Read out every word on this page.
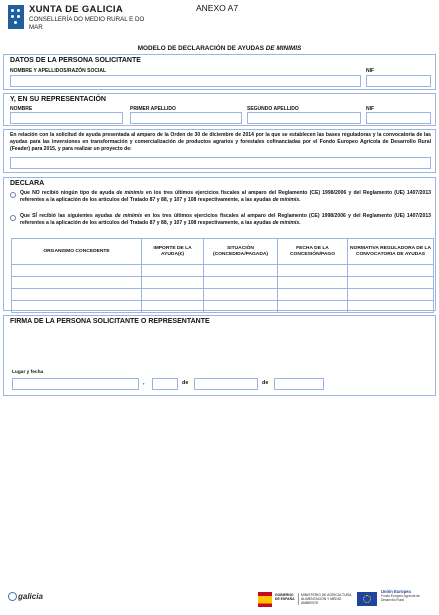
XUNTA DE GALICIA
CONSELLERÍA DO MEDIO RURAL E DO MAR
ANEXO A7
MODELO DE DECLARACIÓN DE AYUDAS DE MINIMIS
DATOS DE LA PERSONA SOLICITANTE
NOMBRE Y APELLIDOS/RAZÓN SOCIAL	NIF
Y, EN SU REPRESENTACIÓN
NOMBRE	PRIMER APELLIDO	SEGUNDO APELLIDO	NIF
En relación con la solicitud de ayuda presentada al amparo de la Orden de 30 de diciembre de 2014 por la que se establecen las bases reguladoras y la convocatoria de las ayudas para las inversiones en transformación y comercialización de productos agrarios y forestales cofinanciadas por el Fondo Europeo Agrícola de Desarrollo Rural (Feader) para 2015, y para realizar un proyecto de:
DECLARA
Que NO recibió ningún tipo de ayuda de minimis en los tres últimos ejercicios fiscales al amparo del Reglamento (CE) 1998/2006 y del Reglamento (UE) 1407/2013 referentes a la aplicación de los artículos del Tratado 87 y 88, y 107 y 108 respectivamente, a las ayudas de mínimis.
Que SÍ recibió las siguientes ayudas de minimis en los tres últimos ejercicios fiscales al amparo del Reglamento (CE) 1998/2006 y del Reglamento (UE) 1407/2013 referentes a la aplicación de los artículos del Tratado 87 y 88, y 107 y 108 respectivamente, a las ayudas de mínimis.
ORGANISMO CONCEDENTE	IMPORTE DE LA AYUDA(€)	SITUACIÓN (CONCEDIDA/PAGADA)	FECHA DE LA CONCESIÓN/PAGO	NORMATIVA REGULADORA DE LA CONVOCATORIA DE AYUDAS

FIRMA DE LA PERSONA SOLICITANTE O REPRESENTANTE
Lugar y fecha
,	de	de
galicia	GOBIERNO DE ESPAÑA
MINISTERIO DE AGRICULTURA, ALIMENTACIÓN Y MEDIO AMBIENTE
Unión Europea
Fondo Europeo Agrícola de Desarrollo Rural
